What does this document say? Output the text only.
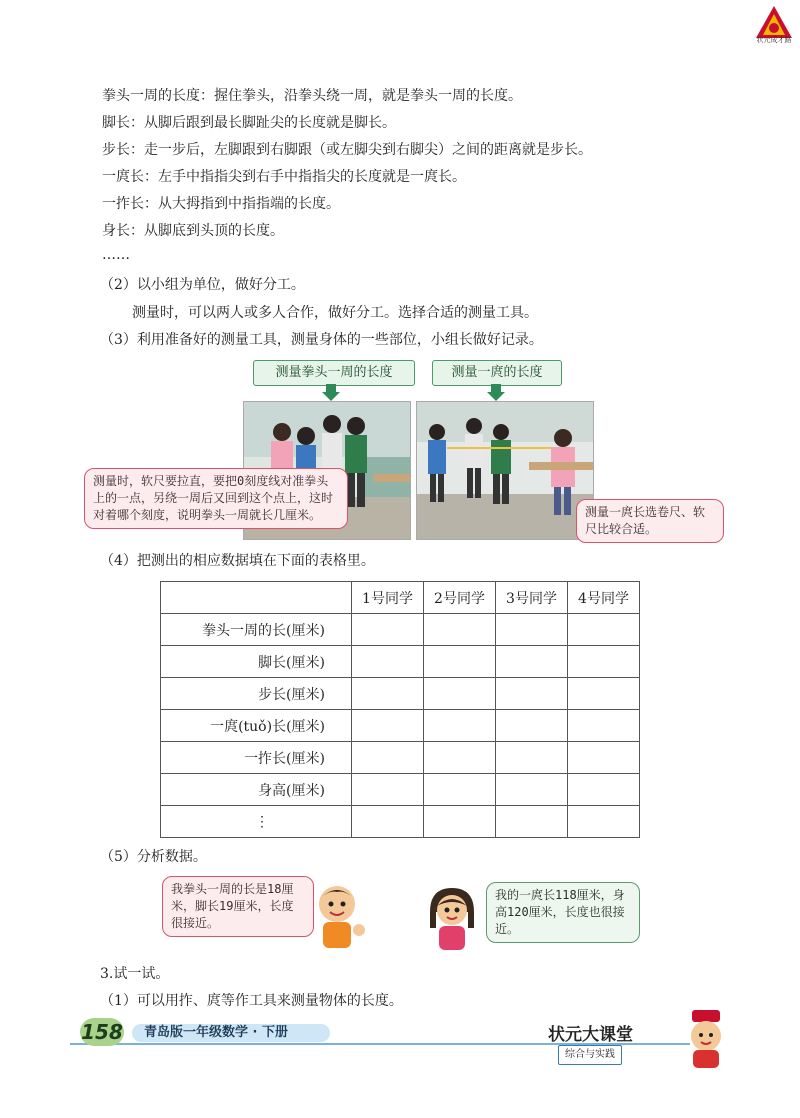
状元成才路
拳头一周的长度：握住拳头，沿拳头绕一周，就是拳头一周的长度。
脚长：从脚后跟到最长脚趾尖的长度就是脚长。
步长：走一步后，左脚跟到右脚跟（或左脚尖到右脚尖）之间的距离就是步长。
一庹长：左手中指指尖到右手中指指尖的长度就是一庹长。
一拃长：从大拇指到中指指端的长度。
身长：从脚底到头顶的长度。
……
（2）以小组为单位，做好分工。
测量时，可以两人或多人合作，做好分工。选择合适的测量工具。
（3）利用准备好的测量工具，测量身体的一些部位，小组长做好记录。
测量拳头一周的长度	测量一庹的长度
测量时，软尺要拉直，要把0刻度线对准拳头上的一点，另绕一周后又回到这个点上，这时对着哪个刻度，说明拳头一周就长几厘米。	测量一庹长选卷尺、软尺比较合适。
（4）把测出的相应数据填在下面的表格里。
	1号同学	2号同学	3号同学	4号同学
拳头一周的长(厘米)				
脚长(厘米)				
步长(厘米)				
一庹(tuǒ)长(厘米)				
一拃长(厘米)				
身高(厘米)				
⋮				
（5）分析数据。
我拳头一周的长是18厘米，脚长19厘米，长度很接近。
我的一庹长118厘米，身高120厘米，长度也很接近。
3.试一试。
（1）可以用拃、庹等作工具来测量物体的长度。
158	青岛版一年级数学 · 下册	状元大课堂
综合与实践
